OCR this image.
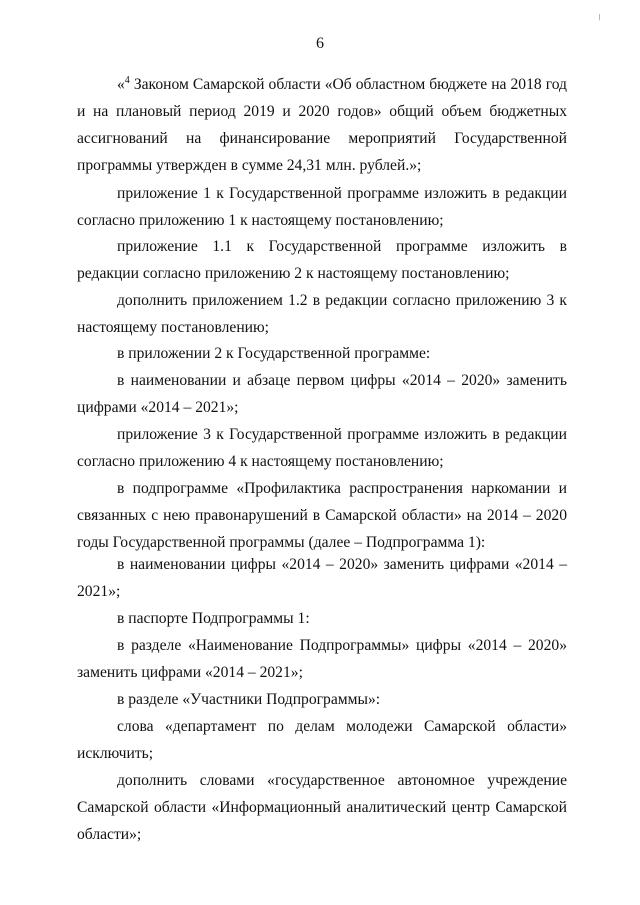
/
6

«$^4$ Законом Самарской области «Об областном бюджете на 2018 год и на плановый период 2019 и 2020 годов» общий объем бюджетных ассигнований на финансирование мероприятий Государственной программы утвержден в сумме 24,31 млн. рублей.»;

приложение 1 к Государственной программе изложить в редакции согласно приложению 1 к настоящему постановлению;

приложение 1.1 к Государственной программе изложить в редакции согласно приложению 2 к настоящему постановлению;

дополнить приложением 1.2 в редакции согласно приложению 3 к настоящему постановлению;

в приложении 2 к Государственной программе:

в наименовании и абзаце первом цифры «2014 – 2020» заменить цифрами «2014 – 2021»;

приложение 3 к Государственной программе изложить в редакции согласно приложению 4 к настоящему постановлению;

в подпрограмме «Профилактика распространения наркомании и связанных с нею правонарушений в Самарской области» на 2014 – 2020 годы Государственной программы (далее – Подпрограмма 1):

в наименовании цифры «2014 – 2020» заменить цифрами «2014 – 2021»;

в паспорте Подпрограммы 1:

в разделе «Наименование Подпрограммы» цифры «2014 – 2020» заменить цифрами «2014 – 2021»;

в разделе «Участники Подпрограммы»:

слова «департамент по делам молодежи Самарской области» исключить;

дополнить словами «государственное автономное учреждение Самарской области «Информационный аналитический центр Самарской области»;
